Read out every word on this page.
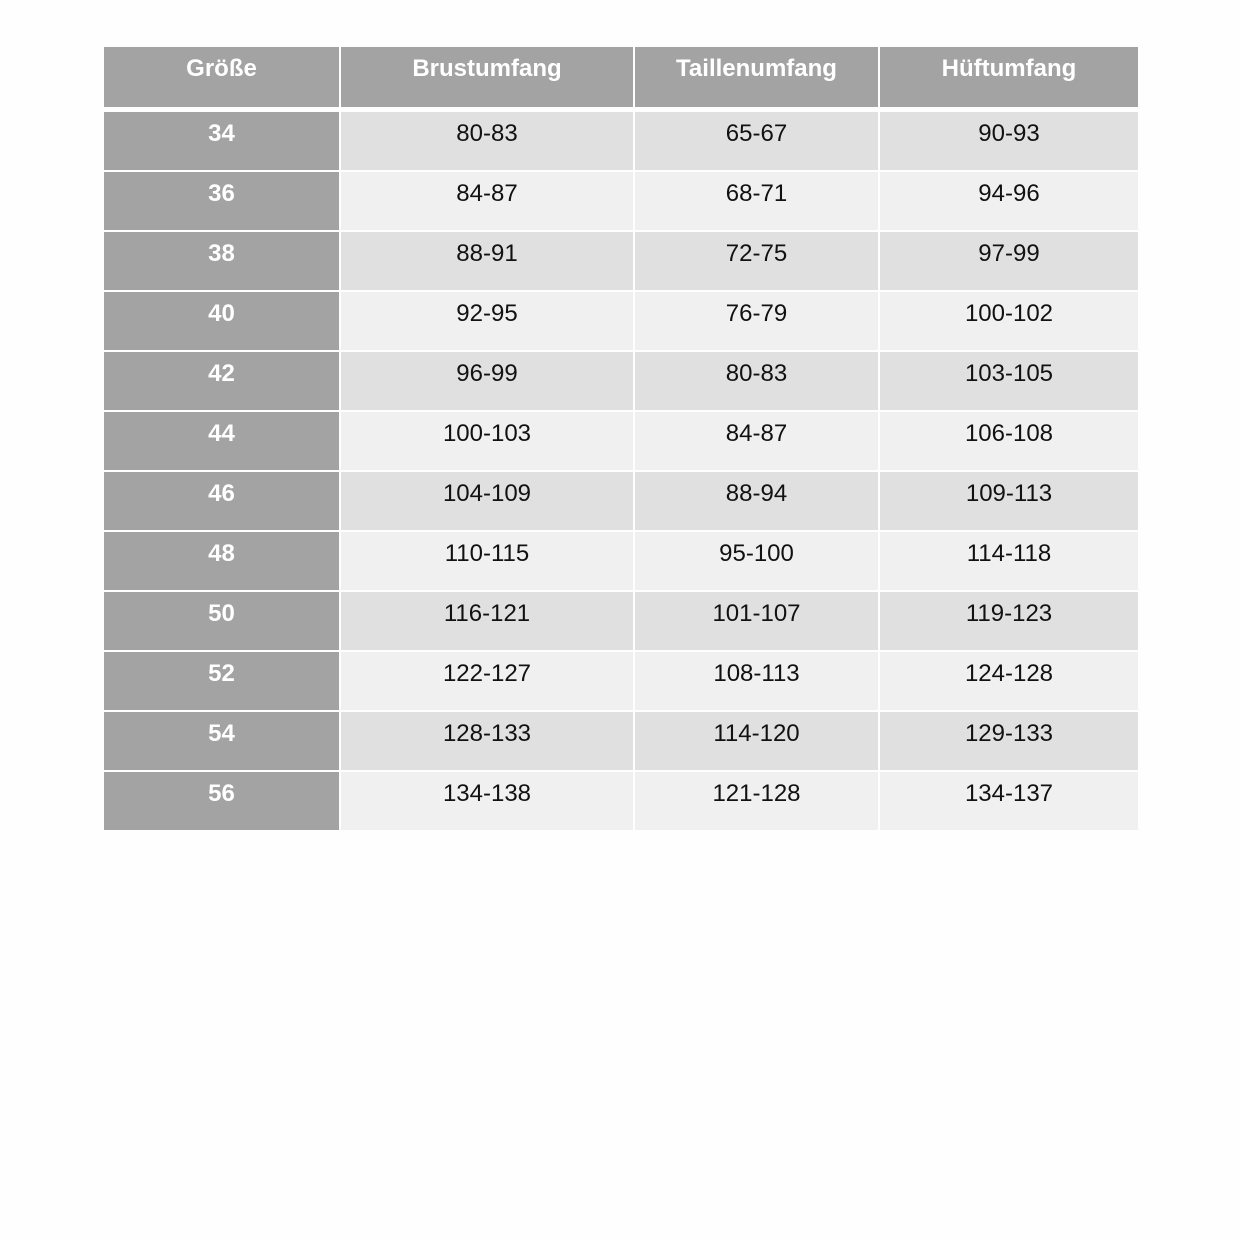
Größe	Brustumfang	Taillenumfang	Hüftumfang
34	80-83	65-67	90-93
36	84-87	68-71	94-96
38	88-91	72-75	97-99
40	92-95	76-79	100-102
42	96-99	80-83	103-105
44	100-103	84-87	106-108
46	104-109	88-94	109-113
48	110-115	95-100	114-118
50	116-121	101-107	119-123
52	122-127	108-113	124-128
54	128-133	114-120	129-133
56	134-138	121-128	134-137
